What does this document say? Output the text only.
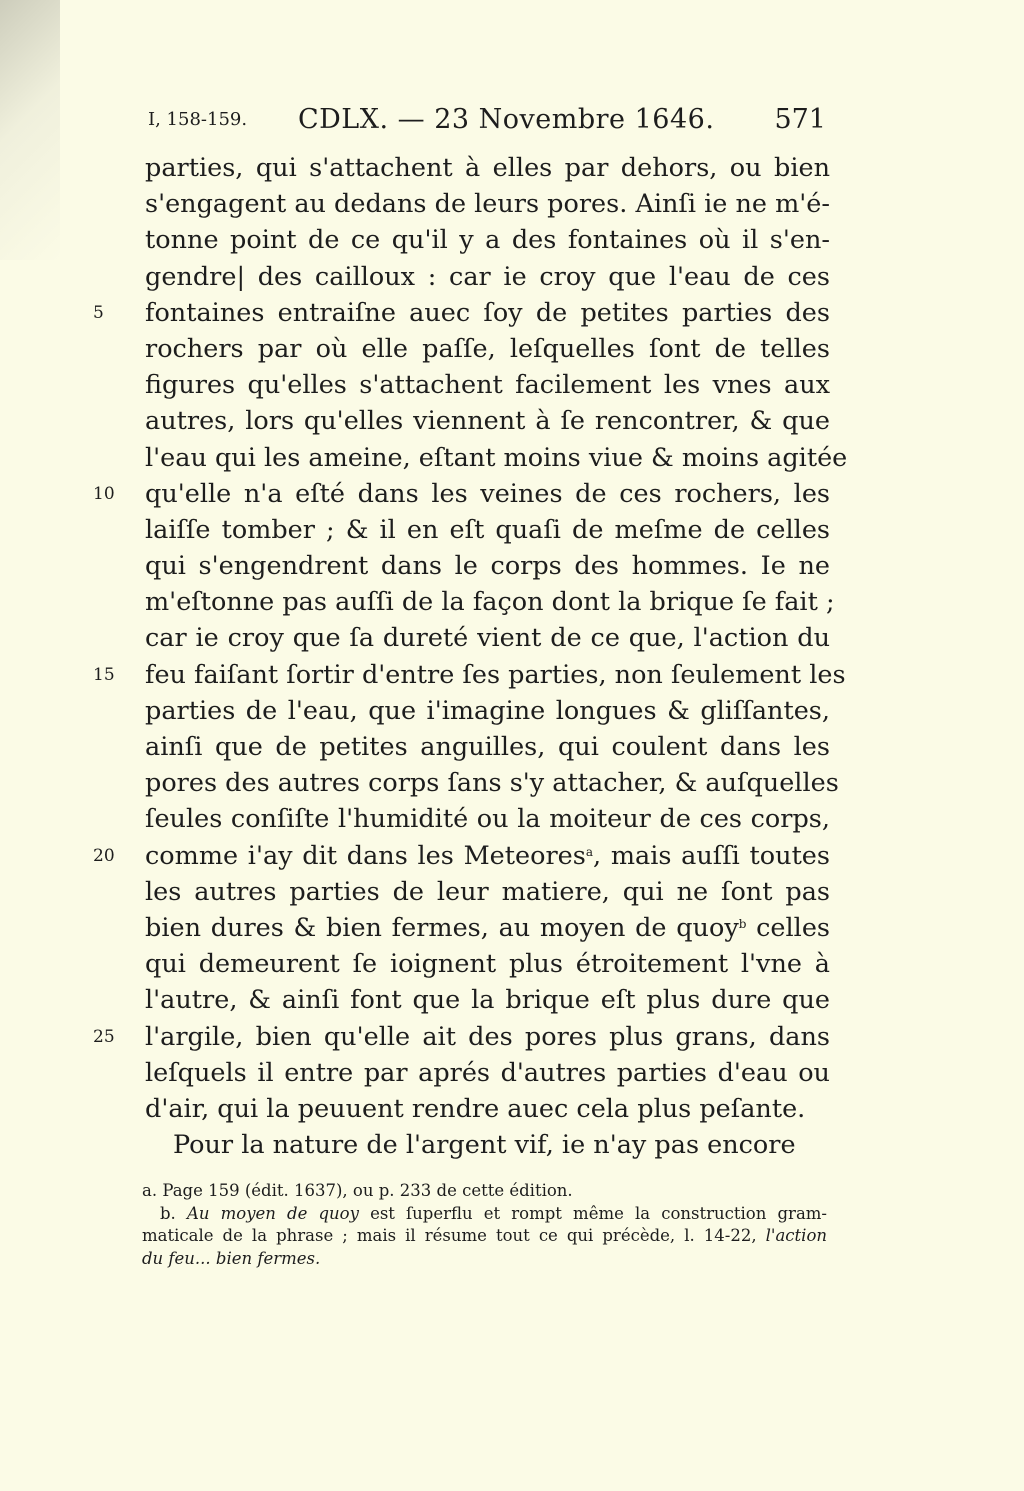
I, 158-159. CDLX. — 23 Novembre 1646. 571
parties, qui s'attachent à elles par dehors, ou bien
s'engagent au dedans de leurs pores. Ainſi ie ne m'é-
tonne point de ce qu'il y a des fontaines où il s'en-
gendre| des cailloux : car ie croy que l'eau de ces
5	fontaines entraiſne auec ſoy de petites parties des
rochers par où elle paſſe, leſquelles ſont de telles
figures qu'elles s'attachent facilement les vnes aux
autres, lors qu'elles viennent à ſe rencontrer, & que
l'eau qui les ameine, eſtant moins viue & moins agitée
10	qu'elle n'a eſté dans les veines de ces rochers, les
laiſſe tomber ; & il en eſt quaſi de meſme de celles
qui s'engendrent dans le corps des hommes. Ie ne
m'eſtonne pas auſſi de la façon dont la brique ſe fait ;
car ie croy que ſa dureté vient de ce que, l'action du
15	feu faiſant ſortir d'entre ſes parties, non ſeulement les
parties de l'eau, que i'imagine longues & gliſſantes,
ainſi que de petites anguilles, qui coulent dans les
pores des autres corps ſans s'y attacher, & auſquelles
ſeules conſiſte l'humidité ou la moiteur de ces corps,
20	comme i'ay dit dans les Meteores$^a$, mais auſſi toutes
les autres parties de leur matiere, qui ne ſont pas
bien dures & bien fermes, au moyen de quoy$^b$ celles
qui demeurent ſe ioignent plus étroitement l'vne à
l'autre, & ainſi font que la brique eſt plus dure que
25	l'argile, bien qu'elle ait des pores plus grans, dans
leſquels il entre par aprés d'autres parties d'eau ou
d'air, qui la peuuent rendre auec cela plus peſante.
Pour la nature de l'argent vif, ie n'ay pas encore
a. Page 159 (édit. 1637), ou p. 233 de cette édition.
b. Au moyen de quoy est ſuperflu et rompt même la construction gram-
maticale de la phrase ; mais il résume tout ce qui précède, l. 14-22, l'action
du feu... bien fermes.
